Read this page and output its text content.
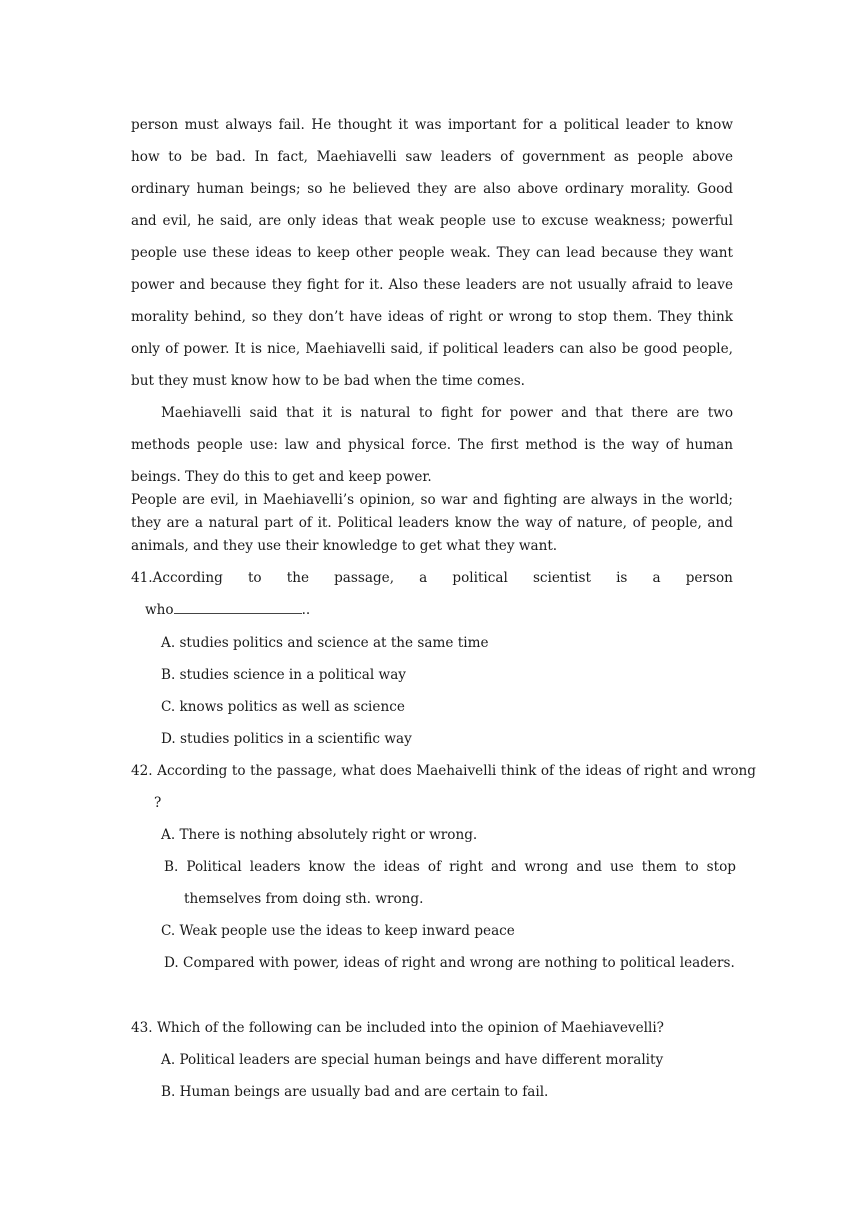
person must always fail. He thought it was important for a political leader to know how to be bad. In fact, Maehiavelli saw leaders of government as people above ordinary human beings; so he believed they are also above ordinary morality. Good and evil, he said, are only ideas that weak people use to excuse weakness; powerful people use these ideas to keep other people weak. They can lead because they want power and because they fight for it. Also these leaders are not usually afraid to leave morality behind, so they don’t have ideas of right or wrong to stop them. They think only of power. It is nice, Maehiavelli said, if political leaders can also be good people, but they must know how to be bad when the time comes.

Maehiavelli said that it is natural to fight for power and that there are two methods people use: law and physical force. The first method is the way of human beings. They do this to get and keep power.

People are evil, in Maehiavelli’s opinion, so war and fighting are always in the world; they are a natural part of it. Political leaders know the way of nature, of people, and animals, and they use their knowledge to get what they want.

41.According to the passage, a political scientist is a person
who	..

A. studies politics and science at the same time

B. studies science in a political way

C. knows politics as well as science

D. studies politics in a scientific way

42. According to the passage, what does Maehaivelli think of the ideas of right and wrong ?

A. There is nothing absolutely right or wrong.

B. Political leaders know the ideas of right and wrong and use them to stop themselves from doing sth. wrong.

C. Weak people use the ideas to keep inward peace

D. Compared with power, ideas of right and wrong are nothing to political leaders.

43. Which of the following can be included into the opinion of Maehiavevelli?

A. Political leaders are special human beings and have different morality

B. Human beings are usually bad and are certain to fail.
